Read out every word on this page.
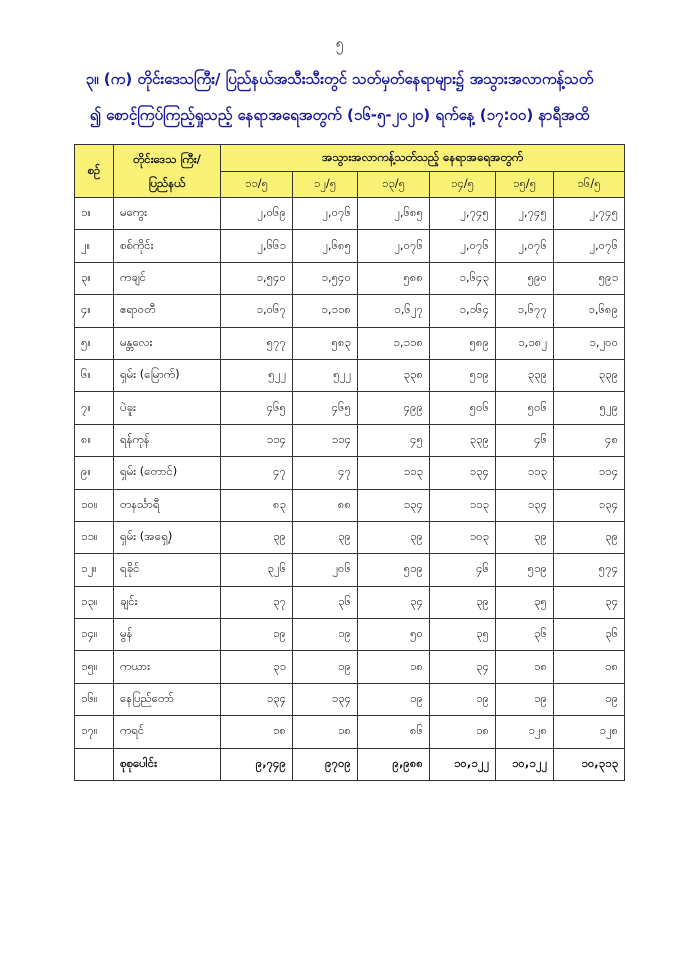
၅
၃။ (က) တိုင်းဒေသကြီး/ ပြည်နယ်အသီးသီးတွင် သတ်မှတ်နေရာများ၌ အသွားအလာကန့်သတ်
၍ စောင့်ကြပ်ကြည့်ရှုသည့် နေရာအရေအတွက် (၁၆-၅-၂၀၂၀) ရက်နေ့ (၁၇:၀၀) နာရီအထိ
စဉ်	တိုင်းဒေသ ကြီး/ ပြည်နယ်	အသွားအလာကန့်သတ်သည့် နေရာအရေအတွက်					
		၁၁/၅	၁၂/၅	၁၃/၅	၁၄/၅	၁၅/၅	၁၆/၅
၁။	မကွေး	၂,၀၆၉	၂,၀၇၆	၂,၆၈၅	၂,၇၄၅	၂,၇၄၅	၂,၇၄၅
၂။	စစ်ကိုင်း	၂,၆၆၁	၂,၆၈၅	၂,၀၇၆	၂,၀၇၆	၂,၀၇၆	၂,၀၇၆
၃။	ကချင်	၁,၅၄၀	၁,၅၄၀	၅၈၈	၁,၆၄၃	၅၉၀	၅၉၁
၄။	ဧရာဝတီ	၁,၀၆၇	၁,၁၁၈	၁,၆၂၇	၁,၁၆၄	၁,၆၇၇	၁,၆၈၉
၅။	မန္တလေး	၅၇၇	၅၈၃	၁,၁၁၈	၅၈၉	၁,၁၈၂	၁,၂၀၀
၆။	ရှမ်း (မြောက်)	၅၂၂	၅၂၂	၃၃၈	၅၁၉	၃၃၉	၃၃၉
၇။	ပဲခူး	၄၆၅	၄၆၅	၄၉၉	၅၀၆	၅၀၆	၅၂၉
၈။	ရန်ကုန်	၁၁၄	၁၁၄	၄၅	၃၃၉	၄၆	၄၈
၉။	ရှမ်း (တောင်)	၄၇	၄၇	၁၁၃	၁၃၄	၁၁၃	၁၁၄
၁၀။	တနင်္သာရီ	၈၃	၈၈	၁၃၄	၁၁၃	၁၃၄	၁၃၄
၁၁။	ရှမ်း (အရှေ့)	၃၉	၃၉	၃၉	၁၀၃	၃၉	၃၉
၁၂။	ရခိုင်	၃၂၆	၂၀၆	၅၁၉	၄၆	၅၁၉	၅၇၄
၁၃။	ချင်း	၃၇	၃၆	၃၄	၃၉	၃၅	၃၄
၁၄။	မွန်	၁၉	၁၉	၅၀	၃၅	၃၆	၃၆
၁၅။	ကယား	၃၁	၁၉	၁၈	၃၄	၁၈	၁၈
၁၆။	နေပြည်တော်	၁၃၄	၁၃၄	၁၉	၁၉	၁၉	၁၉
၁၇။	ကရင်	၁၈	၁၈	၈၆	၁၈	၁၂၈	၁၂၈
	စုစုပေါင်း	၉,၇၄၉	၉၇၀၉	၉,၉၈၈	၁၀,၁၂၂	၁၀,၁၂၂	၁၀,၃၁၃
